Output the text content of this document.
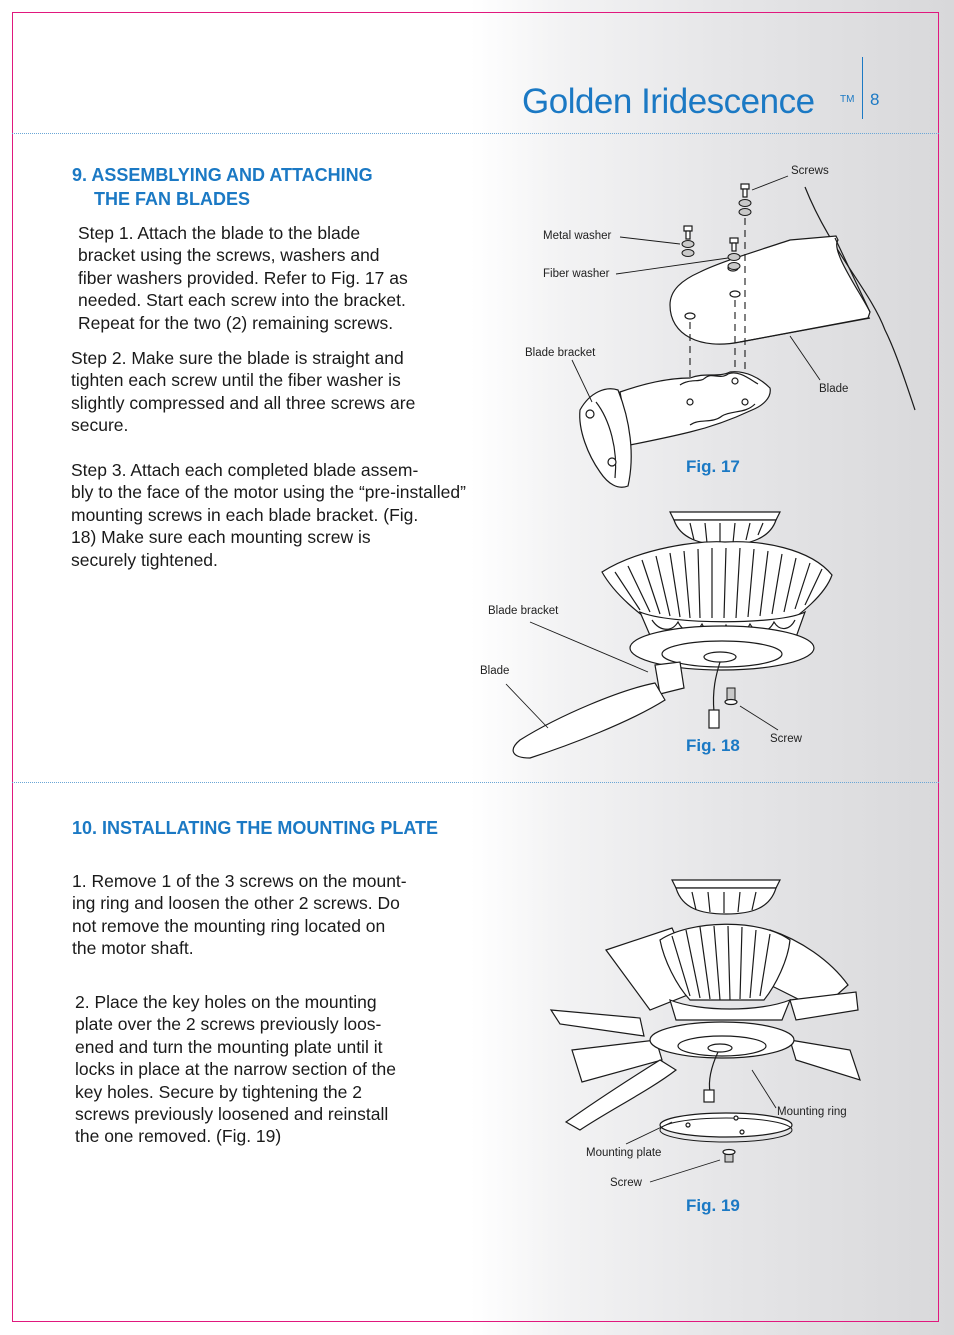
Golden Iridescence	TM 8
9. ASSEMBLYING AND ATTACHING
THE FAN BLADES
Step 1. Attach the blade to the blade
bracket using the screws, washers and
fiber washers provided. Refer to Fig. 17 as
needed. Start each screw into the bracket.
Repeat for the two (2) remaining screws.
Step 2. Make sure the blade is straight and
tighten each screw until the fiber washer is
slightly compressed and all three screws are
secure.
Step 3. Attach each completed blade assem-
bly to the face of the motor using the “pre-installed”
mounting screws in each blade bracket. (Fig.
18) Make sure each mounting screw is
securely tightened.
10. INSTALLATING THE MOUNTING PLATE
1. Remove 1 of the 3 screws on the mount-
ing ring and loosen the other 2 screws. Do
not remove the mounting ring located on
the motor shaft.
2. Place the key holes on the mounting
plate over the 2 screws previously loos-
ened and turn the mounting plate until it
locks in place at the narrow section of the
key holes. Secure by tightening the 2
screws previously loosened and reinstall
the one removed. (Fig. 19)
Screws
Metal washer
Fiber washer
Blade bracket
Blade
Fig. 17
Blade bracket
Blade
Screw
Fig. 18
Mounting ring
Mounting plate
Screw
Fig. 19
